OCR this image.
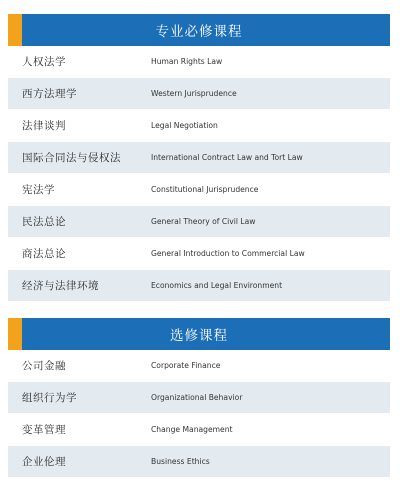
专业必修课程
人权法学	Human Rights Law
西方法理学	Western Jurisprudence
法律谈判	Legal Negotiation
国际合同法与侵权法	International Contract Law and Tort Law
宪法学	Constitutional Jurisprudence
民法总论	General Theory of Civil Law
商法总论	General Introduction to Commercial Law
经济与法律环境	Economics and Legal Environment
选修课程
公司金融	Corporate Finance
组织行为学	Organizational Behavior
变革管理	Change Management
企业伦理	Business Ethics
